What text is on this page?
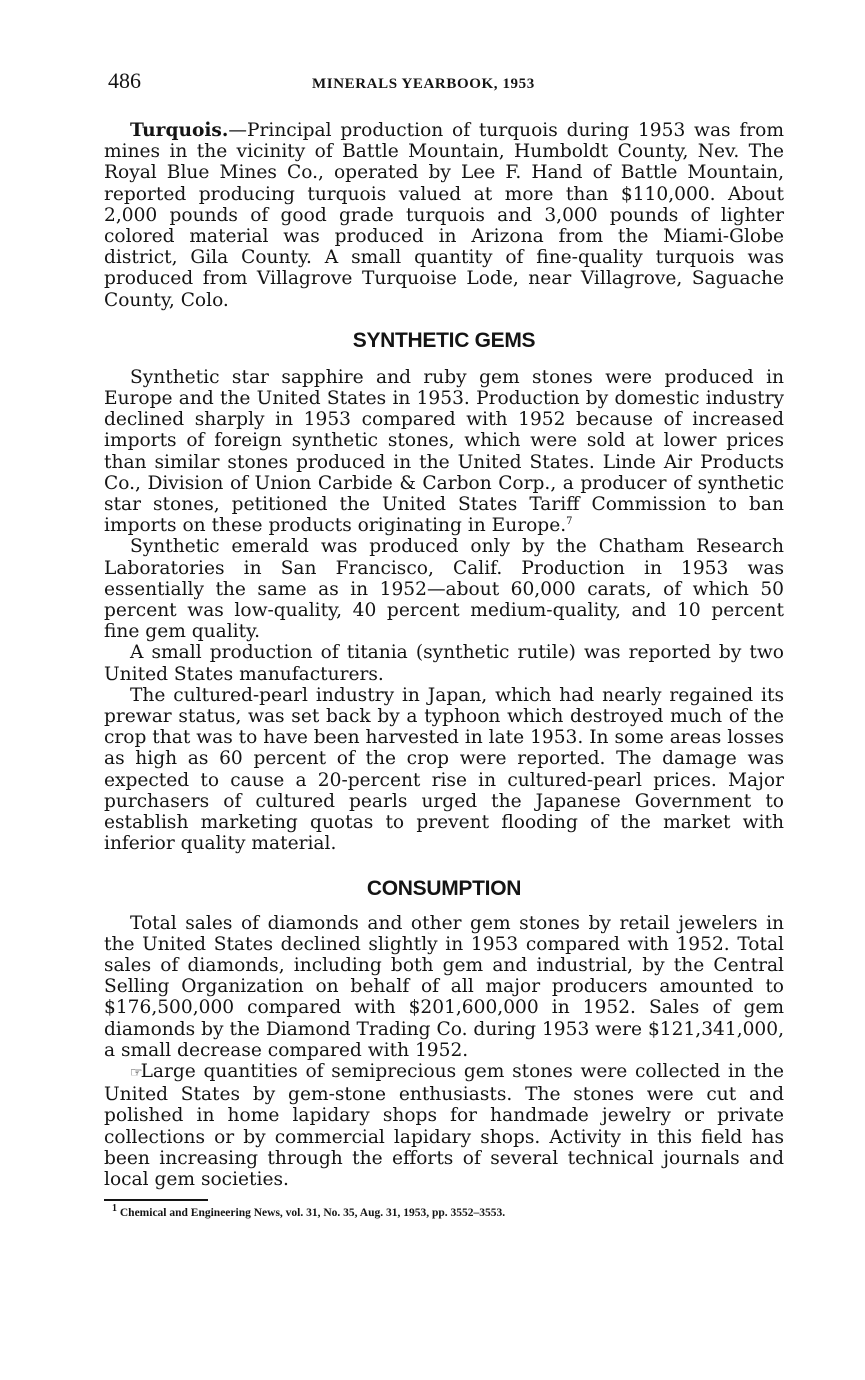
486	MINERALS YEARBOOK, 1953

Turquois.—Principal production of turquois during 1953 was from mines in the vicinity of Battle Mountain, Humboldt County, Nev. The Royal Blue Mines Co., operated by Lee F. Hand of Battle Mountain, reported producing turquois valued at more than $110,000. About 2,000 pounds of good grade turquois and 3,000 pounds of lighter colored material was produced in Arizona from the Miami-Globe district, Gila County. A small quantity of fine-quality turquois was produced from Villagrove Turquoise Lode, near Villagrove, Saguache County, Colo.

SYNTHETIC GEMS

Synthetic star sapphire and ruby gem stones were produced in Europe and the United States in 1953. Production by domestic industry declined sharply in 1953 compared with 1952 because of increased imports of foreign synthetic stones, which were sold at lower prices than similar stones produced in the United States. Linde Air Products Co., Division of Union Carbide & Carbon Corp., a producer of synthetic star stones, petitioned the United States Tariff Commission to ban imports on these products originating in Europe.$^7$

Synthetic emerald was produced only by the Chatham Research Laboratories in San Francisco, Calif. Production in 1953 was essentially the same as in 1952—about 60,000 carats, of which 50 percent was low-quality, 40 percent medium-quality, and 10 percent fine gem quality.

A small production of titania (synthetic rutile) was reported by two United States manufacturers.

The cultured-pearl industry in Japan, which had nearly regained its prewar status, was set back by a typhoon which destroyed much of the crop that was to have been harvested in late 1953. In some areas losses as high as 60 percent of the crop were reported. The damage was expected to cause a 20-percent rise in cultured-pearl prices. Major purchasers of cultured pearls urged the Japanese Government to establish marketing quotas to prevent flooding of the market with inferior quality material.

CONSUMPTION

Total sales of diamonds and other gem stones by retail jewelers in the United States declined slightly in 1953 compared with 1952. Total sales of diamonds, including both gem and industrial, by the Central Selling Organization on behalf of all major producers amounted to $176,500,000 compared with $201,600,000 in 1952. Sales of gem diamonds by the Diamond Trading Co. during 1953 were $121,341,000, a small decrease compared with 1952.

☞Large quantities of semiprecious gem stones were collected in the United States by gem-stone enthusiasts. The stones were cut and polished in home lapidary shops for handmade jewelry or private collections or by commercial lapidary shops. Activity in this field has been increasing through the efforts of several technical journals and local gem societies.

$^1$ Chemical and Engineering News, vol. 31, No. 35, Aug. 31, 1953, pp. 3552–3553.
